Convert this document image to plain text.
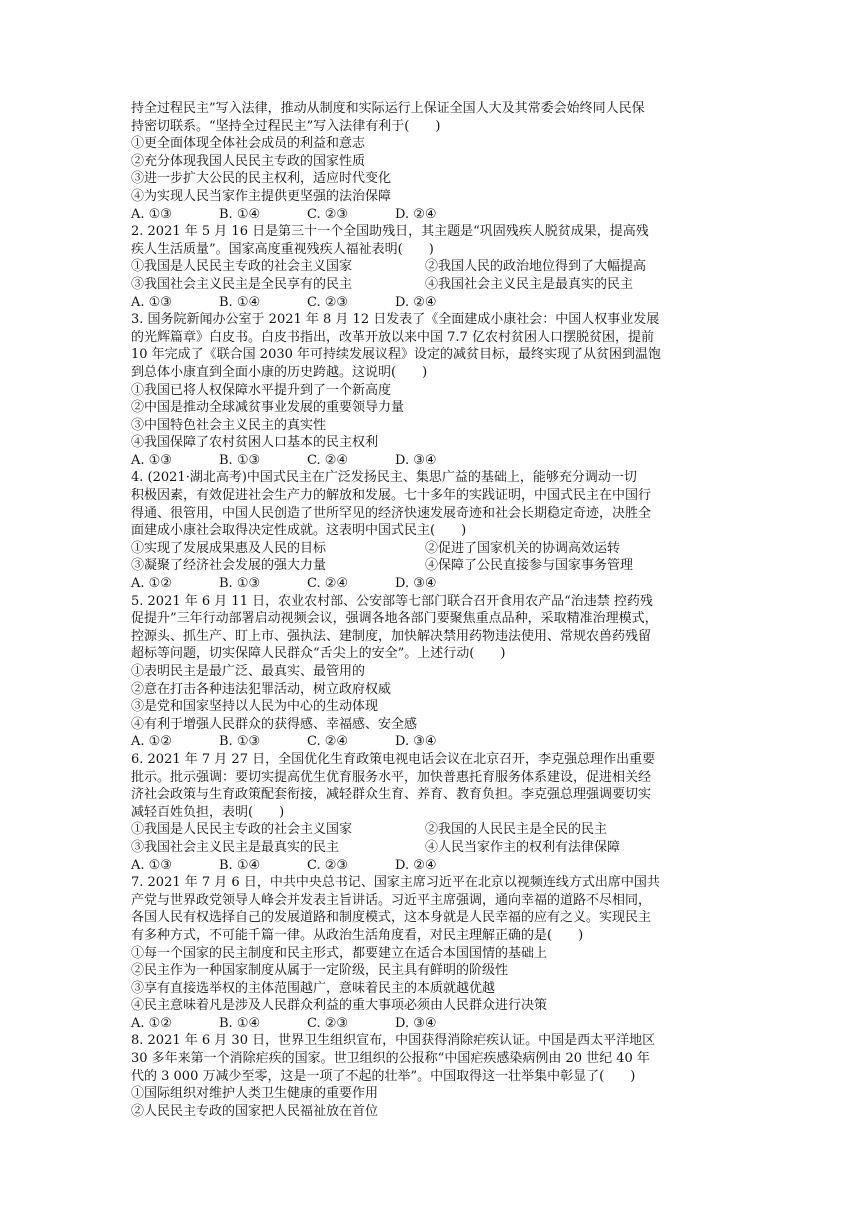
持全过程民主”写入法律，推动从制度和实际运行上保证全国人大及其常委会始终同人民保
持密切联系。“坚持全过程民主”写入法律有利于(　　)
①更全面体现全体社会成员的利益和意志
②充分体现我国人民民主专政的国家性质
③进一步扩大公民的民主权利，适应时代变化
④为实现人民当家作主提供更坚强的法治保障
A. ①③	B. ①④	C. ②③	D. ②④
2. 2021 年 5 月 16 日是第三十一个全国助残日，其主题是“巩固残疾人脱贫成果，提高残
疾人生活质量”。国家高度重视残疾人福祉表明(　　)
①我国是人民民主专政的社会主义国家	②我国人民的政治地位得到了大幅提高
③我国社会主义民主是全民享有的民主	④我国社会主义民主是最真实的民主
A. ①③	B. ①④	C. ②③	D. ②④
3. 国务院新闻办公室于 2021 年 8 月 12 日发表了《全面建成小康社会：中国人权事业发展
的光辉篇章》白皮书。白皮书指出，改革开放以来中国 7.7 亿农村贫困人口摆脱贫困，提前
10 年完成了《联合国 2030 年可持续发展议程》设定的减贫目标，最终实现了从贫困到温饱
到总体小康直到全面小康的历史跨越。这说明(　　)
①我国已将人权保障水平提升到了一个新高度
②中国是推动全球减贫事业发展的重要领导力量
③中国特色社会主义民主的真实性
④我国保障了农村贫困人口基本的民主权利
A. ①③	B. ①③	C. ②④	D. ③④
4. (2021·湖北高考)中国式民主在广泛发扬民主、集思广益的基础上，能够充分调动一切
积极因素，有效促进社会生产力的解放和发展。七十多年的实践证明，中国式民主在中国行
得通、很管用，中国人民创造了世所罕见的经济快速发展奇迹和社会长期稳定奇迹，决胜全
面建成小康社会取得决定性成就。这表明中国式民主(　　)
①实现了发展成果惠及人民的目标	②促进了国家机关的协调高效运转
③凝聚了经济社会发展的强大力量	④保障了公民直接参与国家事务管理
A. ①②	B. ①③	C. ②④	D. ③④
5. 2021 年 6 月 11 日，农业农村部、公安部等七部门联合召开食用农产品“治违禁 控药残
促提升”三年行动部署启动视频会议，强调各地各部门要聚焦重点品种，采取精准治理模式，
控源头、抓生产、盯上市、强执法、建制度，加快解决禁用药物违法使用、常规农兽药残留
超标等问题，切实保障人民群众“舌尖上的安全”。上述行动(　　)
①表明民主是最广泛、最真实、最管用的
②意在打击各种违法犯罪活动，树立政府权威
③是党和国家坚持以人民为中心的生动体现
④有利于增强人民群众的获得感、幸福感、安全感
A. ①②	B. ①③	C. ②④	D. ③④
6. 2021 年 7 月 27 日，全国优化生育政策电视电话会议在北京召开，李克强总理作出重要
批示。批示强调：要切实提高优生优育服务水平，加快普惠托育服务体系建设，促进相关经
济社会政策与生育政策配套衔接，减轻群众生育、养育、教育负担。李克强总理强调要切实
减轻百姓负担，表明(　　)
①我国是人民民主专政的社会主义国家	②我国的人民民主是全民的民主
③我国社会主义民主是最真实的民主	④人民当家作主的权利有法律保障
A. ①③	B. ①④	C. ②③	D. ②④
7. 2021 年 7 月 6 日，中共中央总书记、国家主席习近平在北京以视频连线方式出席中国共
产党与世界政党领导人峰会并发表主旨讲话。习近平主席强调，通向幸福的道路不尽相同，
各国人民有权选择自己的发展道路和制度模式，这本身就是人民幸福的应有之义。实现民主
有多种方式，不可能千篇一律。从政治生活角度看，对民主理解正确的是(　　)
①每一个国家的民主制度和民主形式，都要建立在适合本国国情的基础上
②民主作为一种国家制度从属于一定阶级，民主具有鲜明的阶级性
③享有直接选举权的主体范围越广，意味着民主的本质就越优越
④民主意味着凡是涉及人民群众利益的重大事项必须由人民群众进行决策
A. ①②	B. ①④	C. ②③	D. ③④
8. 2021 年 6 月 30 日，世界卫生组织宣布，中国获得消除疟疾认证。中国是西太平洋地区
30 多年来第一个消除疟疾的国家。世卫组织的公报称“中国疟疾感染病例由 20 世纪 40 年
代的 3 000 万减少至零，这是一项了不起的壮举”。中国取得这一壮举集中彰显了(　　)
①国际组织对维护人类卫生健康的重要作用
②人民民主专政的国家把人民福祉放在首位
